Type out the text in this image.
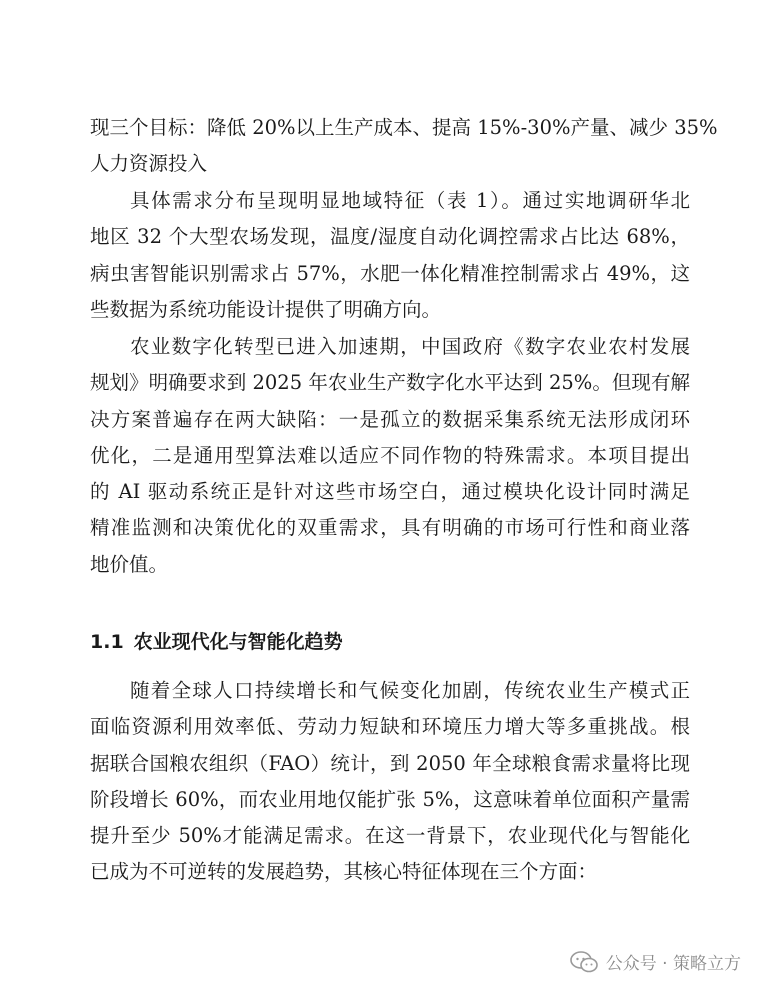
现三个目标：降低 20%以上生产成本、提高 15%-30%产量、减少 35%
人力资源投入
具体需求分布呈现明显地域特征（表 1）。通过实地调研华北
地区 32 个大型农场发现，温度/湿度自动化调控需求占比达 68%，
病虫害智能识别需求占 57%，水肥一体化精准控制需求占 49%，这
些数据为系统功能设计提供了明确方向。
农业数字化转型已进入加速期，中国政府《数字农业农村发展
规划》明确要求到 2025 年农业生产数字化水平达到 25%。但现有解
决方案普遍存在两大缺陷：一是孤立的数据采集系统无法形成闭环
优化，二是通用型算法难以适应不同作物的特殊需求。本项目提出
的 AI 驱动系统正是针对这些市场空白，通过模块化设计同时满足
精准监测和决策优化的双重需求，具有明确的市场可行性和商业落
地价值。
1.1 农业现代化与智能化趋势
随着全球人口持续增长和气候变化加剧，传统农业生产模式正
面临资源利用效率低、劳动力短缺和环境压力增大等多重挑战。根
据联合国粮农组织（FAO）统计，到 2050 年全球粮食需求量将比现
阶段增长 60%，而农业用地仅能扩张 5%，这意味着单位面积产量需
提升至少 50%才能满足需求。在这一背景下，农业现代化与智能化
已成为不可逆转的发展趋势，其核心特征体现在三个方面：
公众号 · 策略立方
